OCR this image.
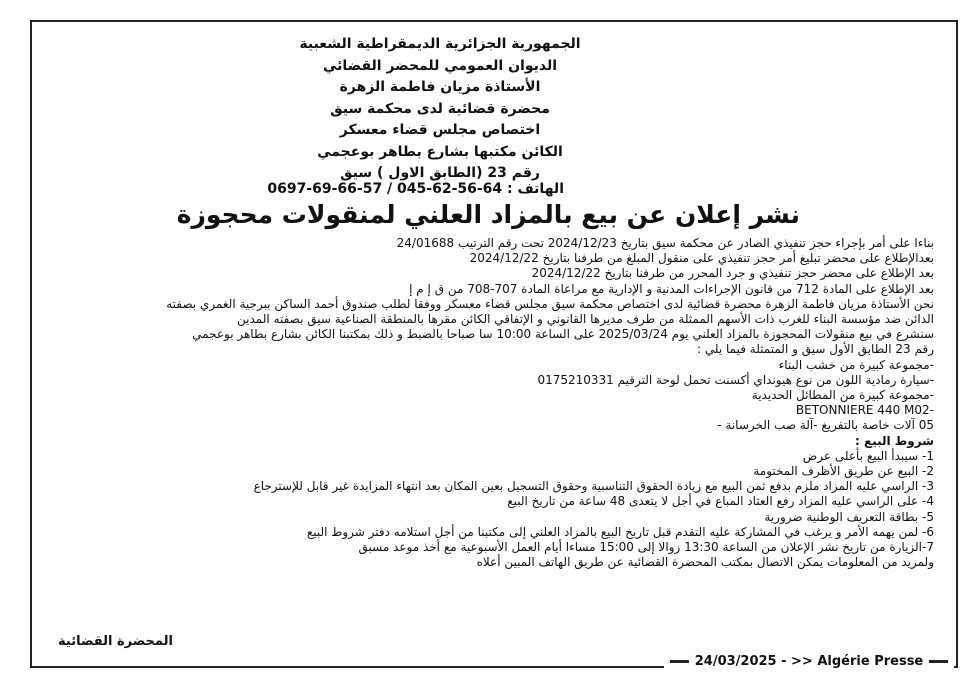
الجمهورية الجزائرية الديمقراطية الشعبية
الديوان العمومي للمحضر القضائي
الأستاذة مزيان فاطمة الزهرة
محضرة قضائية لدى محكمة سيق
اختصاص مجلس قضاء معسكر
الكائن مكتبها بشارع بطاهر بوعجمي
رقم 23 (الطابق الاول ) سيق
الهاتف : 0697-69-66-57 / 045-62-56-64
نشر إعلان عن بيع بالمزاد العلني لمنقولات محجوزة
بناءا على أمر بإجراء حجز تنفيذي الصادر عن محكمة سيق بتاريخ 2024/12/23 تحت رقم الترتيب 24/01688
بعدالإطلاع على محضر تبليغ أمر حجز تنفيذي على منقول المبلغ من طرفنا بتاريخ 2024/12/22
بعد الإطلاع على محضر حجز تنفيذي و جرد المحرر من طرفنا بتاريخ 2024/12/22
بعد الإطلاع على المادة 712 من قانون الإجراءات المدنية و الإدارية مع مراعاة المادة 707-708 من ق إ م إ
نحن الأستاذة مزيان فاطمة الزهرة محضرة قضائية لدى اختصاص محكمة سيق مجلس قضاء معسكر ووفقا لطلب صندوق أحمد الساكن ببرجية الغمري بصفته
الدائن ضد مؤسسة البناء للغرب ذات الأسهم الممثلة من طرف مديرها القانوني و الإتفاقي الكائن مقرها بالمنطقة الصناعية سيق بصفته المدين
سنشرع في بيع منقولات المحجوزة بالمزاد العلني يوم 2025/03/24 على الساعة 10:00 سا صباحا بالضبط و ذلك بمكتبنا الكائن بشارع بطاهر بوعجمي
رقم 23 الطابق الأول سيق و المتمثلة فيما يلي :
-مجموعة كبيرة من خشب البناء
-سيارة رمادية اللون من نوع هيونداي أكسنت تحمل لوحة الترقيم 0175210331
-مجموعة كبيرة من المطائل الحديدية
-BETONNIERE 440 M02
05 آلات خاصة بالتفريغ -آلة صب الخرسانة -
شروط البيع :
1- سيبدأ البيع بأعلى عرض
2- البيع عن طريق الأظرف المختومة
3- الراسي عليه المزاد ملزم بدفع ثمن البيع مع زيادة الحقوق التناسبية وحقوق التسجيل بعين المكان بعد انتهاء المزايدة غير قابل للإسترجاع
4- على الراسي عليه المزاد رفع العتاد المباع في أجل لا يتعدى 48 ساعة من تاريخ البيع
5- بطاقة التعريف الوطنية ضرورية
6- لمن يهمه الأمر و يرغب في المشاركة عليه التقدم قبل تاريخ البيع بالمزاد العلني إلى مكتبنا من أجل استلامه دفتر شروط البيع
7-الزيارة من تاريخ نشر الإعلان من الساعة 13:30 زوالا إلى 15:00 مساءا أيام العمل الأسبوعية مع أخذ موعد مسبق
ولمزيد من المعلومات يمكن الاتصال بمكتب المحضرة القضائية عن طريق الهاتف المبين أعلاه
المحضرة القضائية
24/03/2025 - >> Algérie Presse
